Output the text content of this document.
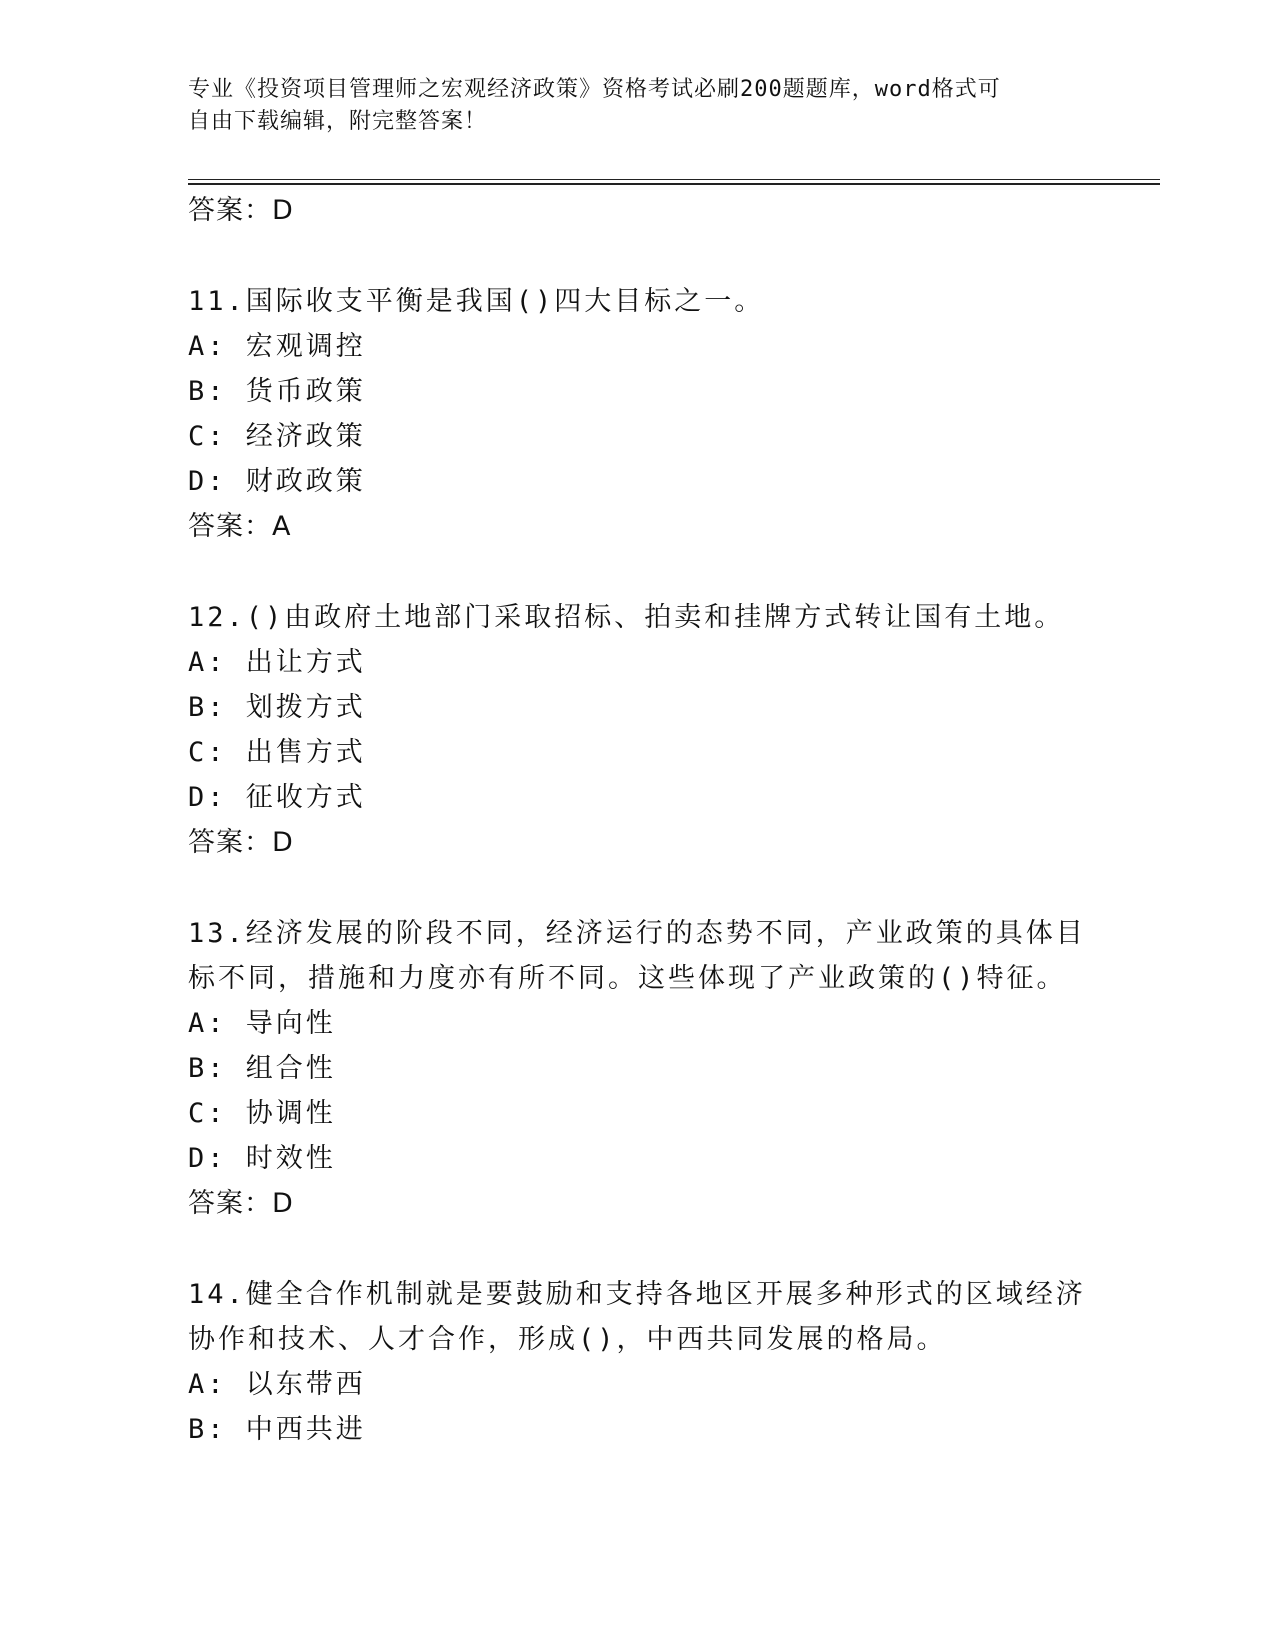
专业《投资项目管理师之宏观经济政策》资格考试必刷200题题库，word格式可
自由下载编辑，附完整答案！

答案：D

11.国际收支平衡是我国()四大目标之一。

A: 宏观调控

B: 货币政策

C: 经济政策

D: 财政政策

答案：A

12.()由政府土地部门采取招标、拍卖和挂牌方式转让国有土地。

A: 出让方式

B: 划拨方式

C: 出售方式

D: 征收方式

答案：D

13.经济发展的阶段不同，经济运行的态势不同，产业政策的具体目标不同，措施和力度亦有所不同。这些体现了产业政策的()特征。

A: 导向性

B: 组合性

C: 协调性

D: 时效性

答案：D

14.健全合作机制就是要鼓励和支持各地区开展多种形式的区域经济协作和技术、人才合作，形成()，中西共同发展的格局。

A: 以东带西

B: 中西共进
